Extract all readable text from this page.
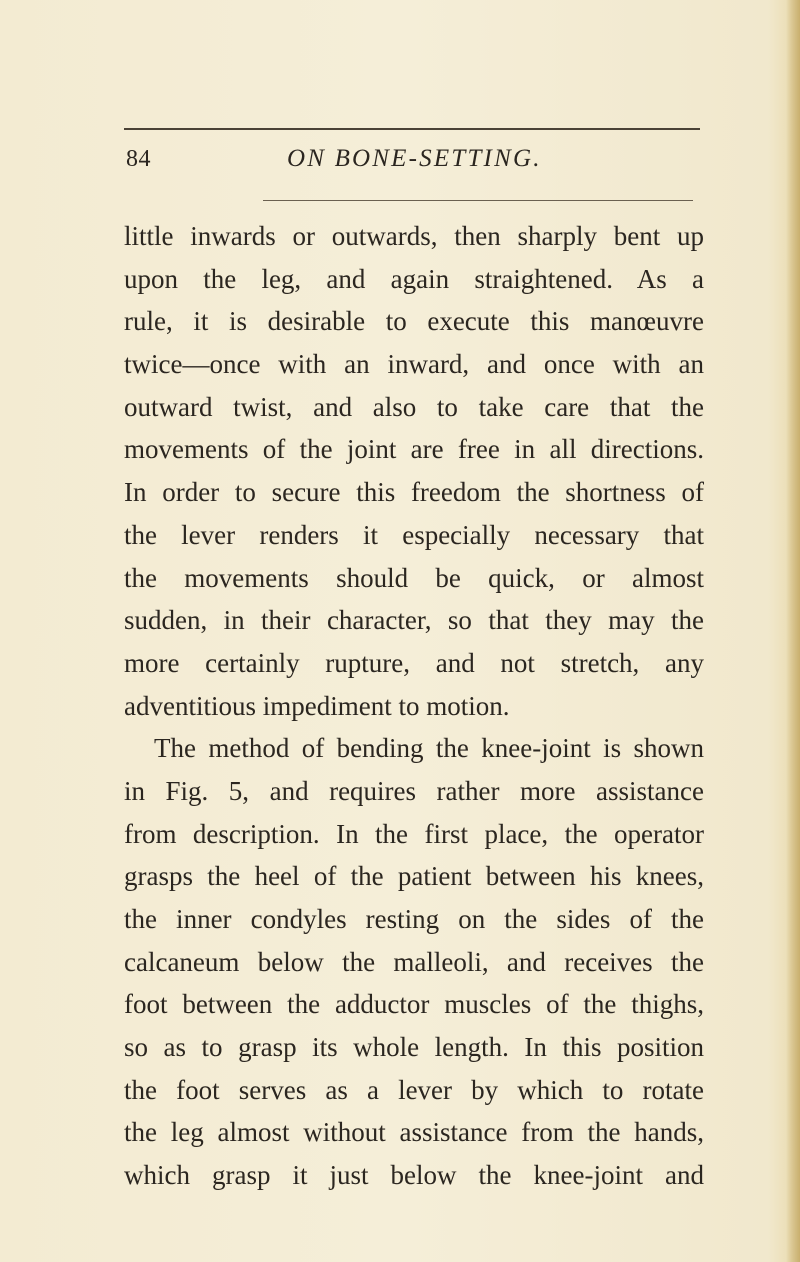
84	ON BONE-SETTING.
little inwards or outwards, then sharply bent up
upon the leg, and again straightened. As a
rule, it is desirable to execute this manœuvre
twice—once with an inward, and once with an
outward twist, and also to take care that the
movements of the joint are free in all directions.
In order to secure this freedom the shortness of
the lever renders it especially necessary that
the movements should be quick, or almost
sudden, in their character, so that they may the
more certainly rupture, and not stretch, any
adventitious impediment to motion.
The method of bending the knee-joint is shown
in Fig. 5, and requires rather more assistance
from description. In the first place, the operator
grasps the heel of the patient between his knees,
the inner condyles resting on the sides of the
calcaneum below the malleoli, and receives the
foot between the adductor muscles of the thighs,
so as to grasp its whole length. In this position
the foot serves as a lever by which to rotate
the leg almost without assistance from the hands,
which grasp it just below the knee-joint and
